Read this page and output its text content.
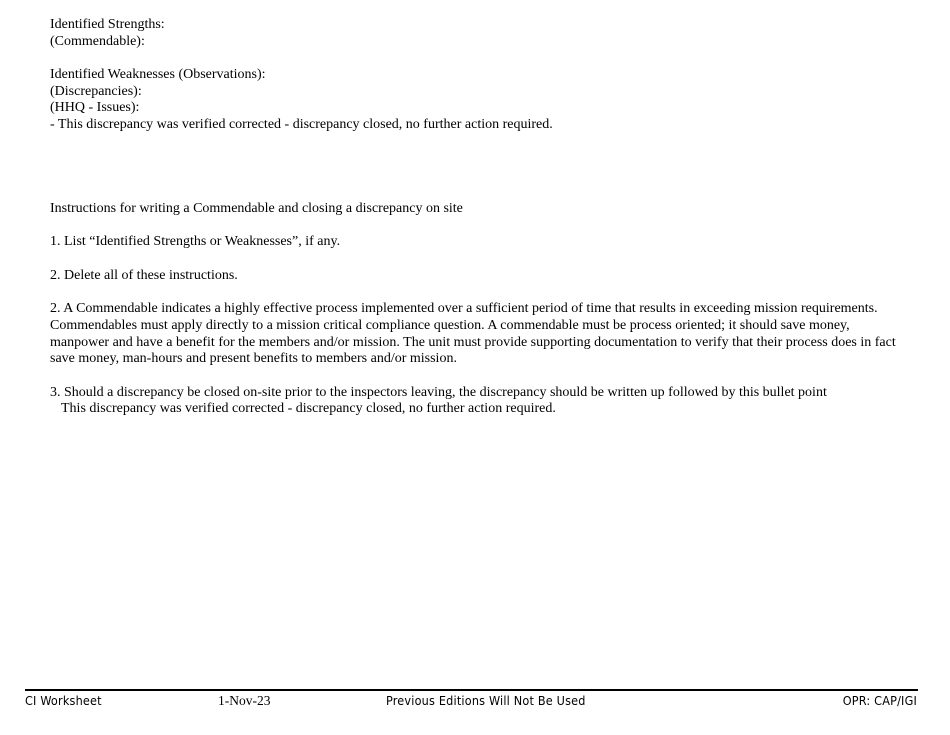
Identified Strengths:
(Commendable):
Identified Weaknesses (Observations):
(Discrepancies):
(HHQ - Issues):
- This discrepancy was verified corrected - discrepancy closed, no further action required.
Instructions for writing a Commendable and closing a discrepancy on site
1. List “Identified Strengths or Weaknesses”, if any.
2. Delete all of these instructions.

2. A Commendable indicates a highly effective process implemented over a sufficient period of time that results in exceeding mission requirements. Commendables must apply directly to a mission critical compliance question. A commendable must be process oriented; it should save money, manpower and have a benefit for the members and/or mission. The unit must provide supporting documentation to verify that their process does in fact save money, man-hours and present benefits to members and/or mission.

3. Should a discrepancy be closed on-site prior to the inspectors leaving, the discrepancy should be written up followed by this bullet point
This discrepancy was verified corrected - discrepancy closed, no further action required.
CI Worksheet	1-Nov-23	Previous Editions Will Not Be Used	OPR: CAP/IGI
